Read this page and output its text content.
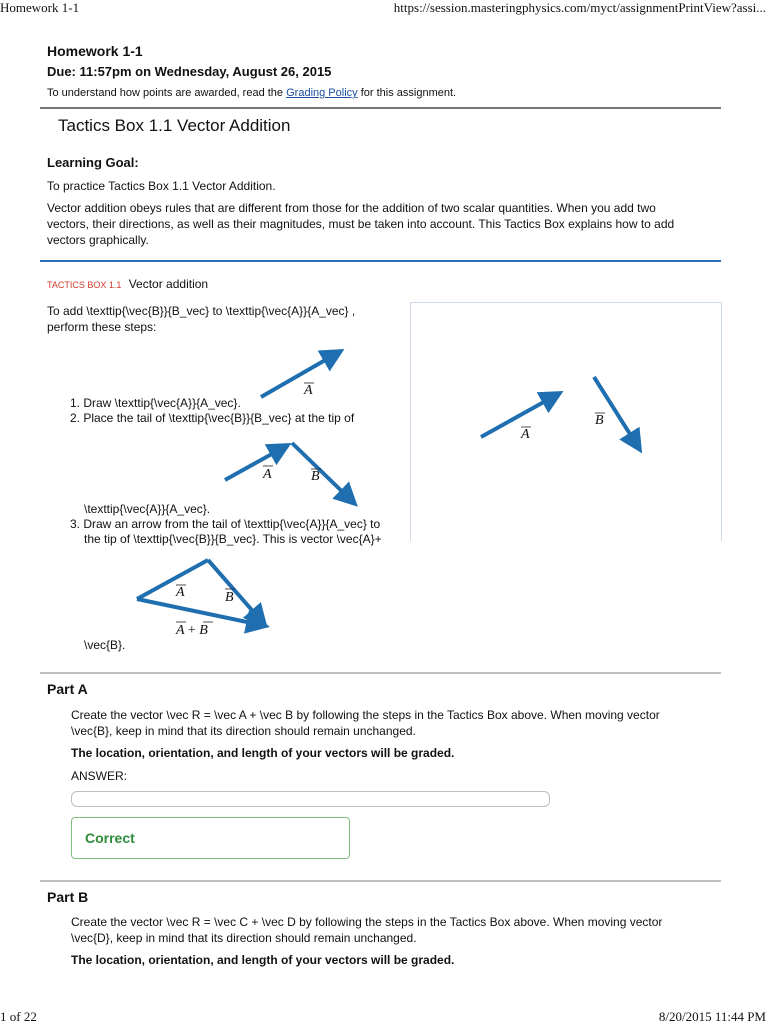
Homework 1-1	https://session.masteringphysics.com/myct/assignmentPrintView?assi...
1 of 22	8/20/2015 11:44 PM
Homework 1-1
Due: 11:57pm on Wednesday, August 26, 2015
To understand how points are awarded, read the Grading Policy for this assignment.
Tactics Box 1.1 Vector Addition
Learning Goal:
To practice Tactics Box 1.1 Vector Addition.
Vector addition obeys rules that are different from those for the addition of two scalar quantities. When you add two
vectors, their directions, as well as their magnitudes, must be taken into account. This Tactics Box explains how to add
vectors graphically.
TACTICS BOX 1.1 Vector addition
To add \texttip{\vec{B}}{B_vec} to \texttip{\vec{A}}{A_vec} ,
perform these steps:
1. Draw \texttip{\vec{A}}{A_vec}.
2. Place the tail of \texttip{\vec{B}}{B_vec} at the tip of
\texttip{\vec{A}}{A_vec}.
3. Draw an arrow from the tail of \texttip{\vec{A}}{A_vec} to
the tip of \texttip{\vec{B}}{B_vec}. This is vector \vec{A}+
\vec{B}.
A
A	B
A	B
A + B
A
B
Part A
Create the vector \vec R = \vec A + \vec B by following the steps in the Tactics Box above. When moving vector
\vec{B}, keep in mind that its direction should remain unchanged.
The location, orientation, and length of your vectors will be graded.
ANSWER:
Correct
Part B
Create the vector \vec R = \vec C + \vec D by following the steps in the Tactics Box above. When moving vector
\vec{D}, keep in mind that its direction should remain unchanged.
The location, orientation, and length of your vectors will be graded.
